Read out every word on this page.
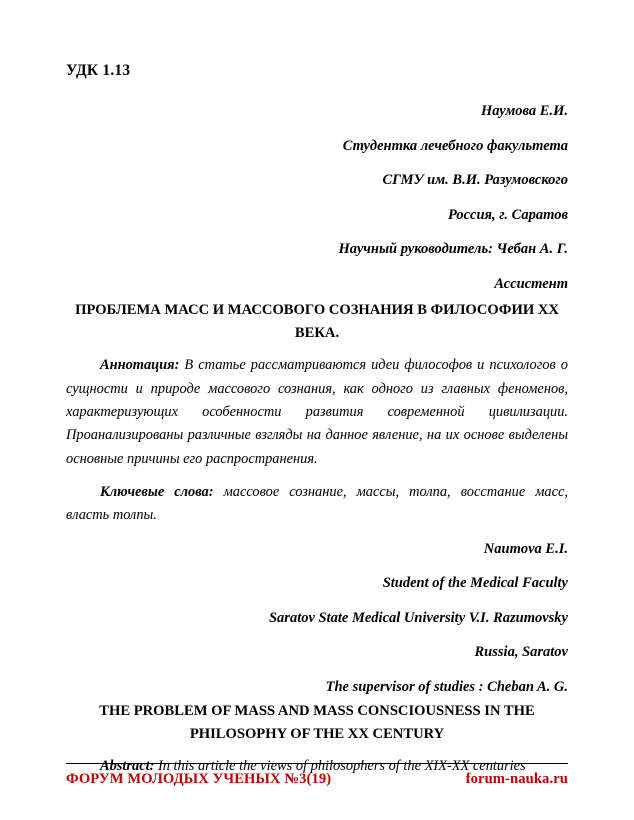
УДК 1.13
Наумова Е.И.
Студентка лечебного факультета
СГМУ им. В.И. Разумовского
Россия, г. Саратов
Научный руководитель: Чебан А. Г.
Ассистент
ПРОБЛЕМА МАСС И МАССОВОГО СОЗНАНИЯ В ФИЛОСОФИИ XX ВЕКА.

Аннотация: В статье рассматриваются идеи философов и психологов о сущности и природе массового сознания, как одного из главных феноменов, характеризующих особенности развития современной цивилизации. Проанализированы различные взгляды на данное явление, на их основе выделены основные причины его распространения.

Ключевые слова: массовое сознание, массы, толпа, восстание масс, власть толпы.

Naumova E.I.
Student of the Medical Faculty
Saratov State Medical University V.I. Razumovsky
Russia, Saratov
The supervisor of studies : Cheban A. G.
THE PROBLEM OF MASS AND MASS CONSCIOUSNESS IN THE PHILOSOPHY OF THE XX CENTURY

Abstract: In this article the views of philosophers of the XIX-XX centuries

ФОРУМ МОЛОДЫХ УЧЕНЫХ №3(19)	forum-nauka.ru
